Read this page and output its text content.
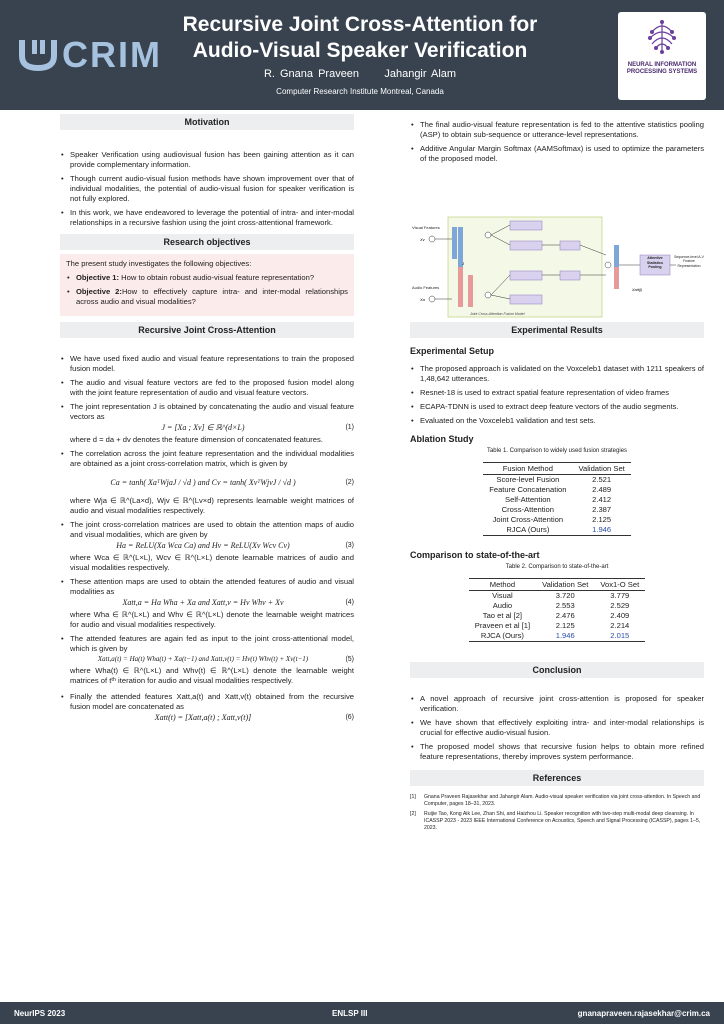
CRIM
Recursive Joint Cross-Attention for
Audio-Visual Speaker Verification
R. Gnana Praveen Jahangir Alam
Computer Research Institute Montreal, Canada
NEURAL INFORMATION PROCESSING SYSTEMS
Motivation
• Speaker Verification using audiovisual fusion has been gaining attention as it can provide complementary information.
• Though current audio-visual fusion methods have shown improvement over that of individual modalities, the potential of audio-visual fusion for speaker verification is not fully explored.
• In this work, we have endeavored to leverage the potential of intra- and inter-modal relationships in a recursive fashion using the joint cross-attentional framework.
Research objectives
The present study investigates the following objectives:
• Objective 1: How to obtain robust audio-visual feature representation?
• Objective 2:How to effectively capture intra- and inter-modal relationships across audio and visual modalities?
Recursive Joint Cross-Attention
• We have used fixed audio and visual feature representations to train the proposed fusion model.
• The audio and visual feature vectors are fed to the proposed fusion model along with the joint feature representation of audio and visual feature vectors.
• The joint representation J is obtained by concatenating the audio and visual feature vectors as
J = [Xa ; Xv] ∈ ℝ^(d×L)	(1)
where d = da + dv denotes the feature dimension of concatenated features.
• The correlation across the joint feature representation and the individual modalities are obtained as a joint cross-correlation matrix, which is given by
Ca = tanh( XaᵀWjaJ / √d ) and Cv = tanh( XvᵀWjvJ / √d )	(2)
where Wja ∈ ℝ^(La×d), Wjv ∈ ℝ^(Lv×d) represents learnable weight matrices of audio and visual modalities respectively.
• The joint cross-correlation matrices are used to obtain the attention maps of audio and visual modalities, which are given by
Ha = ReLU(Xa Wca Ca) and Hv = ReLU(Xv Wcv Cv)	(3)
where Wca ∈ ℝ^(L×L), Wcv ∈ ℝ^(L×L) denote learnable matrices of audio and visual modalities respectively.
• These attention maps are used to obtain the attended features of audio and visual modalities as
Xatt,a = Ha Wha + Xa and Xatt,v = Hv Whv + Xv	(4)
where Wha ∈ ℝ^(L×L) and Whv ∈ ℝ^(L×L) denote the learnable weight matrices for audio and visual modalities respectively.
• The attended features are again fed as input to the joint cross-attentional model, which is given by
Xatt,a(t) = Ha(t) Wha(t) + Xa(t−1) and Xatt,v(t) = Hv(t) Whv(t) + Xv(t−1)	(5)
where Wha(t) ∈ ℝ^(L×L) and Whv(t) ∈ ℝ^(L×L) denote the learnable weight matrices of tᵗʰ iteration for audio and visual modalities respectively.
• Finally the attended features Xatt,a(t) and Xatt,v(t) obtained from the recursive fusion model are concatenated as
Xatt(t) = [Xatt,a(t) ; Xatt,v(t)]	(6)
• The final audio-visual feature representation is fed to the attentive statistics pooling (ASP) to obtain sub-sequence or utterance-level representations.
• Additive Angular Margin Softmax (AAMSoftmax) is used to optimize the parameters of the proposed model.
Visual Features
Audio Features
Xv
Xa
J
Joint Cross-Attention Fusion Model
Attentive Statistics Pooling
Sequence-level A-V Feature Representation
Xatt(l)
Experimental Results
Experimental Setup
• The proposed approach is validated on the Voxceleb1 dataset with 1211 speakers of 1,48,642 utterances.
• Resnet-18 is used to extract spatial feature representation of video frames
• ECAPA-TDNN is used to extract deep feature vectors of the audio segments.
• Evaluated on the Voxceleb1 validation and test sets.
Ablation Study
Table 1. Comparison to widely used fusion strategies
Fusion Method	Validation Set
Score-level Fusion	2.521
Feature Concatenation	2.489
Self-Attention	2.412
Cross-Attention	2.387
Joint Cross-Attention	2.125
RJCA (Ours)	1.946
Comparison to state-of-the-art
Table 2. Comparison to state-of-the-art
Method	Validation Set	Vox1-O Set
Visual	3.720	3.779
Audio	2.553	2.529
Tao et al [2]	2.476	2.409
Praveen et al [1]	2.125	2.214
RJCA (Ours)	1.946	2.015
Conclusion
• A novel approach of recursive joint cross-attention is proposed for speaker verification.
• We have shown that effectively exploiting intra- and inter-modal relationships is crucial for effective audio-visual fusion.
• The proposed model shows that recursive fusion helps to obtain more refined feature representations, thereby improves system performance.
References
[1]	Gnana Praveen Rajasekhar and Jahangir Alam. Audio-visual speaker verification via joint cross-attention. In Speech and Computer, pages 18–31, 2023.
[2]	Ruijie Tao, Kong Aik Lee, Zhan Shi, and Haizhou Li. Speaker recognition with two-step multi-modal deep cleansing. In ICASSP 2023 - 2023 IEEE International Conference on Acoustics, Speech and Signal Processing (ICASSP), pages 1–5, 2023.
NeurIPS 2023	ENLSP III	gnanapraveen.rajasekhar@crim.ca
